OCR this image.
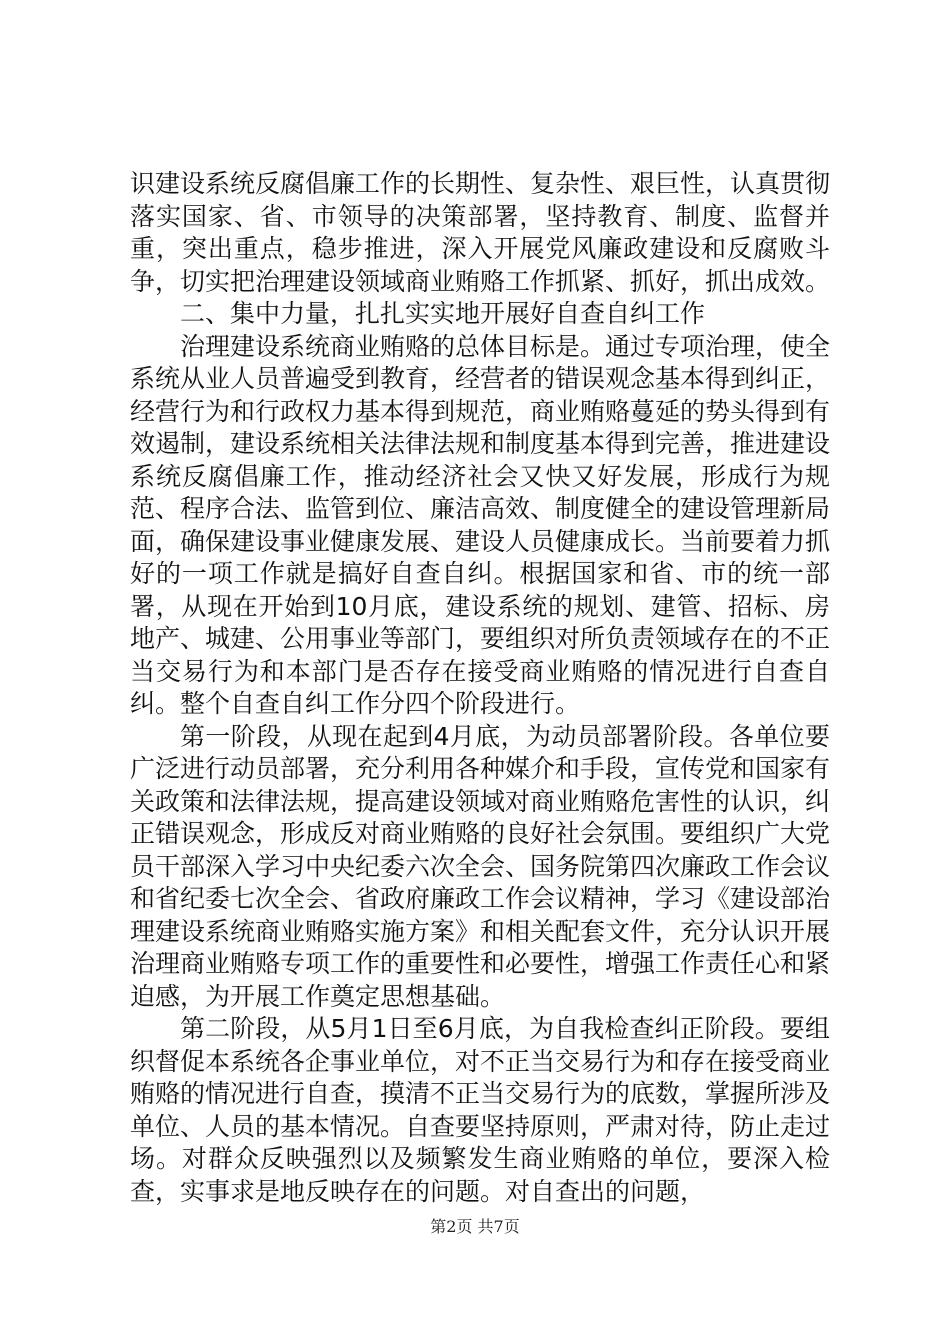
识建设系统反腐倡廉工作的长期性、复杂性、艰巨性，认真贯彻落实国家、省、市领导的决策部署，坚持教育、制度、监督并重，突出重点，稳步推进，深入开展党风廉政建设和反腐败斗争，切实把治理建设领域商业贿赂工作抓紧、抓好，抓出成效。

二、集中力量，扎扎实实地开展好自查自纠工作

治理建设系统商业贿赂的总体目标是。通过专项治理，使全系统从业人员普遍受到教育，经营者的错误观念基本得到纠正，经营行为和行政权力基本得到规范，商业贿赂蔓延的势头得到有效遏制，建设系统相关法律法规和制度基本得到完善，推进建设系统反腐倡廉工作，推动经济社会又快又好发展，形成行为规范、程序合法、监管到位、廉洁高效、制度健全的建设管理新局面，确保建设事业健康发展、建设人员健康成长。当前要着力抓好的一项工作就是搞好自查自纠。根据国家和省、市的统一部署，从现在开始到10月底，建设系统的规划、建管、招标、房地产、城建、公用事业等部门，要组织对所负责领域存在的不正当交易行为和本部门是否存在接受商业贿赂的情况进行自查自纠。整个自查自纠工作分四个阶段进行。

第一阶段，从现在起到4月底，为动员部署阶段。各单位要广泛进行动员部署，充分利用各种媒介和手段，宣传党和国家有关政策和法律法规，提高建设领域对商业贿赂危害性的认识，纠正错误观念，形成反对商业贿赂的良好社会氛围。要组织广大党员干部深入学习中央纪委六次全会、国务院第四次廉政工作会议和省纪委七次全会、省政府廉政工作会议精神，学习《建设部治理建设系统商业贿赂实施方案》和相关配套文件，充分认识开展治理商业贿赂专项工作的重要性和必要性，增强工作责任心和紧迫感，为开展工作奠定思想基础。

第二阶段，从5月1日至6月底，为自我检查纠正阶段。要组织督促本系统各企事业单位，对不正当交易行为和存在接受商业贿赂的情况进行自查，摸清不正当交易行为的底数，掌握所涉及单位、人员的基本情况。自查要坚持原则，严肃对待，防止走过场。对群众反映强烈以及频繁发生商业贿赂的单位，要深入检查，实事求是地反映存在的问题。对自查出的问题，

第2页 共7页
